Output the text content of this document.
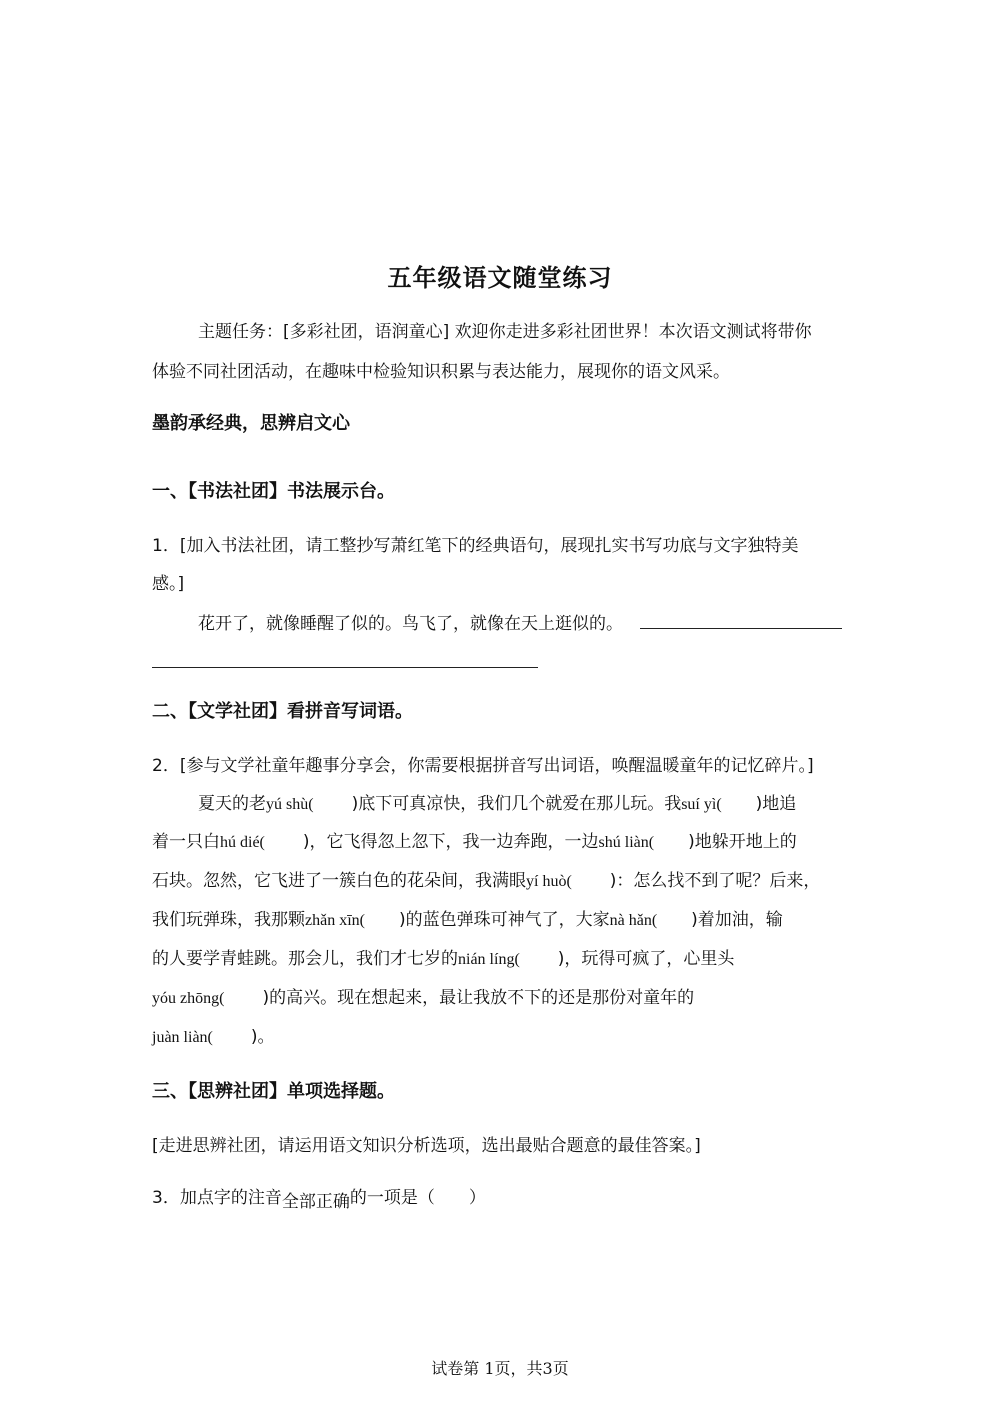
五年级语文随堂练习
主题任务：[多彩社团，语润童心] 欢迎你走进多彩社团世界！本次语文测试将带你
体验不同社团活动，在趣味中检验知识积累与表达能力，展现你的语文风采。
墨韵承经典，思辨启文心
一、【书法社团】书法展示台。
1．[加入书法社团，请工整抄写萧红笔下的经典语句，展现扎实书写功底与文字独特美
感。]
花开了，就像睡醒了似的。鸟飞了，就像在天上逛似的。
二、【文学社团】看拼音写词语。
2．[参与文学社童年趣事分享会，你需要根据拼音写出词语，唤醒温暖童年的记忆碎片。]
夏天的老yú shù( )底下可真凉快，我们几个就爱在那儿玩。我suí yì( )地追
着一只白hú dié( )，它飞得忽上忽下，我一边奔跑，一边shú liàn( )地躲开地上的
石块。忽然，它飞进了一簇白色的花朵间，我满眼yí huò( )：怎么找不到了呢？后来，
我们玩弹珠，我那颗zhǎn xīn( )的蓝色弹珠可神气了，大家nà hǎn( )着加油，输
的人要学青蛙跳。那会儿，我们才七岁的nián líng( )，玩得可疯了，心里头
yóu zhōng( )的高兴。现在想起来，最让我放不下的还是那份对童年的
juàn liàn( )。
三、【思辨社团】单项选择题。
[走进思辨社团，请运用语文知识分析选项，选出最贴合题意的最佳答案。]
3．加点字的注音全部正确的一项是（　　）
试卷第 1页，共3页
